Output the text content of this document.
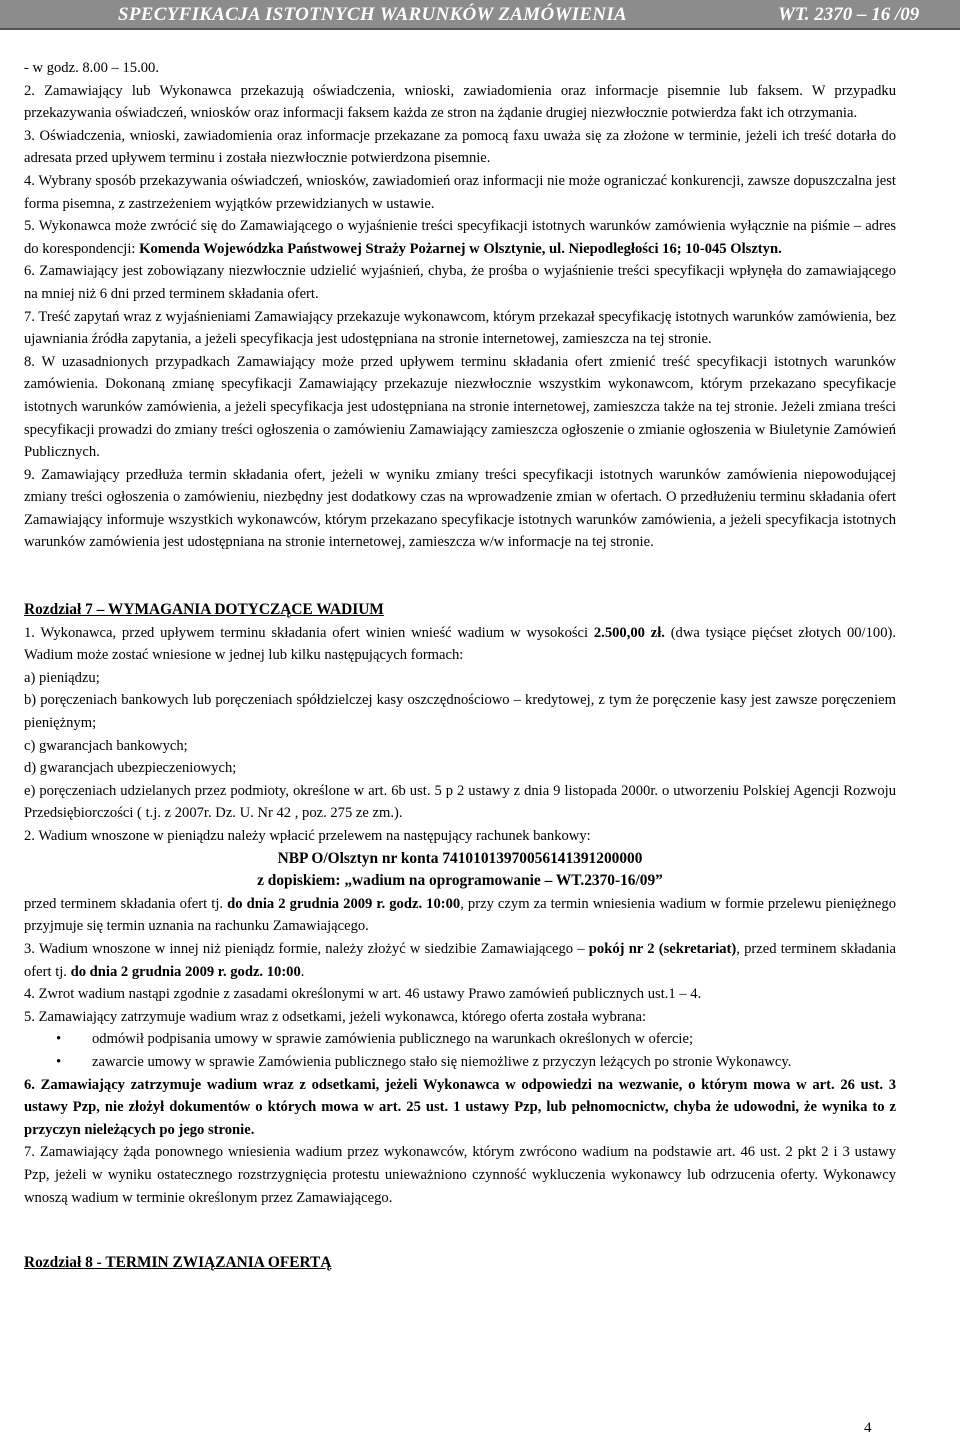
SPECYFIKACJA ISTOTNYCH WARUNKÓW ZAMÓWIENIA	WT. 2370 – 16 /09

- w godz. 8.00 – 15.00.

2. Zamawiający lub Wykonawca przekazują oświadczenia, wnioski, zawiadomienia oraz informacje pisemnie lub faksem. W przypadku przekazywania oświadczeń, wniosków oraz informacji faksem każda ze stron na żądanie drugiej niezwłocznie potwierdza fakt ich otrzymania.

3. Oświadczenia, wnioski, zawiadomienia oraz informacje przekazane za pomocą faxu uważa się za złożone w terminie, jeżeli ich treść dotarła do adresata przed upływem terminu i została niezwłocznie potwierdzona pisemnie.

4. Wybrany sposób przekazywania oświadczeń, wniosków, zawiadomień oraz informacji nie może ograniczać konkurencji, zawsze dopuszczalna jest forma pisemna, z zastrzeżeniem wyjątków przewidzianych w ustawie.

5. Wykonawca może zwrócić się do Zamawiającego o wyjaśnienie treści specyfikacji istotnych warunków zamówienia wyłącznie na piśmie – adres do korespondencji: Komenda Wojewódzka Państwowej Straży Pożarnej w Olsztynie, ul. Niepodległości 16; 10-045 Olsztyn.

6. Zamawiający jest zobowiązany niezwłocznie udzielić wyjaśnień, chyba, że prośba o wyjaśnienie treści specyfikacji wpłynęła do zamawiającego na mniej niż 6 dni przed terminem składania ofert.

7. Treść zapytań wraz z wyjaśnieniami Zamawiający przekazuje wykonawcom, którym przekazał specyfikację istotnych warunków zamówienia, bez ujawniania źródła zapytania, a jeżeli specyfikacja jest udostępniana na stronie internetowej, zamieszcza na tej stronie.

8. W uzasadnionych przypadkach Zamawiający może przed upływem terminu składania ofert zmienić treść specyfikacji istotnych warunków zamówienia. Dokonaną zmianę specyfikacji Zamawiający przekazuje niezwłocznie wszystkim wykonawcom, którym przekazano specyfikacje istotnych warunków zamówienia, a jeżeli specyfikacja jest udostępniana na stronie internetowej, zamieszcza także na tej stronie. Jeżeli zmiana treści specyfikacji prowadzi do zmiany treści ogłoszenia o zamówieniu Zamawiający zamieszcza ogłoszenie o zmianie ogłoszenia w Biuletynie Zamówień Publicznych.

9. Zamawiający przedłuża termin składania ofert, jeżeli w wyniku zmiany treści specyfikacji istotnych warunków zamówienia niepowodującej zmiany treści ogłoszenia o zamówieniu, niezbędny jest dodatkowy czas na wprowadzenie zmian w ofertach. O przedłużeniu terminu składania ofert Zamawiający informuje wszystkich wykonawców, którym przekazano specyfikacje istotnych warunków zamówienia, a jeżeli specyfikacja istotnych warunków zamówienia jest udostępniana na stronie internetowej, zamieszcza w/w informacje na tej stronie.

Rozdział 7 – WYMAGANIA DOTYCZĄCE WADIUM

1. Wykonawca, przed upływem terminu składania ofert winien wnieść wadium w wysokości 2.500,00 zł. (dwa tysiące pięćset złotych 00/100). Wadium może zostać wniesione w jednej lub kilku następujących formach:

a) pieniądzu;

b) poręczeniach bankowych lub poręczeniach spółdzielczej kasy oszczędnościowo – kredytowej, z tym że poręczenie kasy jest zawsze poręczeniem pieniężnym;

c) gwarancjach bankowych;

d) gwarancjach ubezpieczeniowych;

e) poręczeniach udzielanych przez podmioty, określone w art. 6b ust. 5 p 2 ustawy z dnia 9 listopada 2000r. o utworzeniu Polskiej Agencji Rozwoju Przedsiębiorczości ( t.j. z 2007r. Dz. U. Nr 42 , poz. 275 ze zm.).

2. Wadium wnoszone w pieniądzu należy wpłacić przelewem na następujący rachunek bankowy:

NBP O/Olsztyn nr konta 74101013970056141391200000

z dopiskiem: „wadium na oprogramowanie – WT.2370-16/09”

przed terminem składania ofert tj. do dnia 2 grudnia 2009 r. godz. 10:00, przy czym za termin wniesienia wadium w formie przelewu pieniężnego przyjmuje się termin uznania na rachunku Zamawiającego.

3. Wadium wnoszone w innej niż pieniądz formie, należy złożyć w siedzibie Zamawiającego – pokój nr 2 (sekretariat), przed terminem składania ofert tj. do dnia 2 grudnia 2009 r. godz. 10:00.

4. Zwrot wadium nastąpi zgodnie z zasadami określonymi w art. 46 ustawy Prawo zamówień publicznych ust.1 – 4.

5. Zamawiający zatrzymuje wadium wraz z odsetkami, jeżeli wykonawca, którego oferta została wybrana:

• odmówił podpisania umowy w sprawie zamówienia publicznego na warunkach określonych w ofercie;
• zawarcie umowy w sprawie Zamówienia publicznego stało się niemożliwe z przyczyn leżących po stronie Wykonawcy.

6. Zamawiający zatrzymuje wadium wraz z odsetkami, jeżeli Wykonawca w odpowiedzi na wezwanie, o którym mowa w art. 26 ust. 3 ustawy Pzp, nie złożył dokumentów o których mowa w art. 25 ust. 1 ustawy Pzp, lub pełnomocnictw, chyba że udowodni, że wynika to z przyczyn nieleżących po jego stronie.

7. Zamawiający żąda ponownego wniesienia wadium przez wykonawców, którym zwrócono wadium na podstawie art. 46 ust. 2 pkt 2 i 3 ustawy Pzp, jeżeli w wyniku ostatecznego rozstrzygnięcia protestu unieważniono czynność wykluczenia wykonawcy lub odrzucenia oferty. Wykonawcy wnoszą wadium w terminie określonym przez Zamawiającego.

Rozdział 8 - TERMIN ZWIĄZANIA OFERTĄ

4
